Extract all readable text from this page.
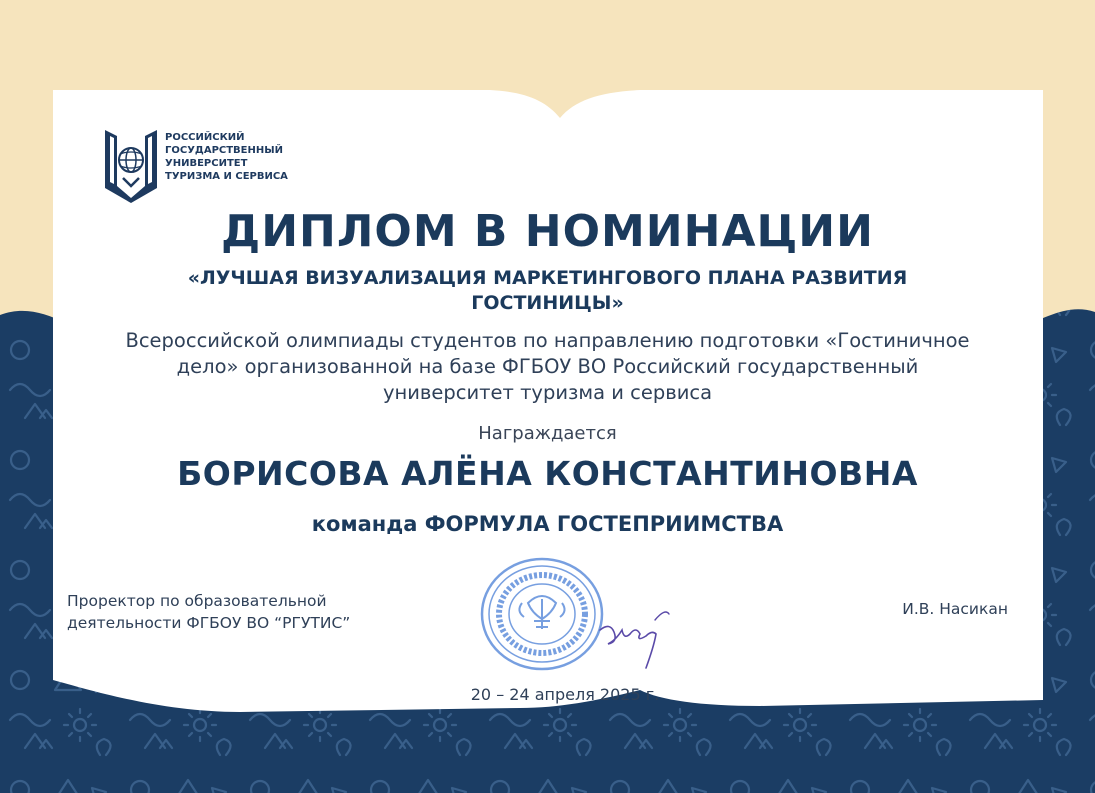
РОССИЙСКИЙ
ГОСУДАРСТВЕННЫЙ
УНИВЕРСИТЕТ
ТУРИЗМА И СЕРВИСА
ДИПЛОМ В НОМИНАЦИИ
«ЛУЧШАЯ ВИЗУАЛИЗАЦИЯ МАРКЕТИНГОВОГО ПЛАНА РАЗВИТИЯ ГОСТИНИЦЫ»
Всероссийской олимпиады студентов по направлению подготовки «Гостиничное дело» организованной на базе ФГБОУ ВО Российский государственный университет туризма и сервиса
Награждается
БОРИСОВА АЛЁНА КОНСТАНТИНОВНА
команда ФОРМУЛА ГОСТЕПРИИМСТВА
Проректор по образовательной деятельности ФГБОУ ВО “РГУТИС”
И.В. Насикан
20 – 24 апреля 2025 г.
